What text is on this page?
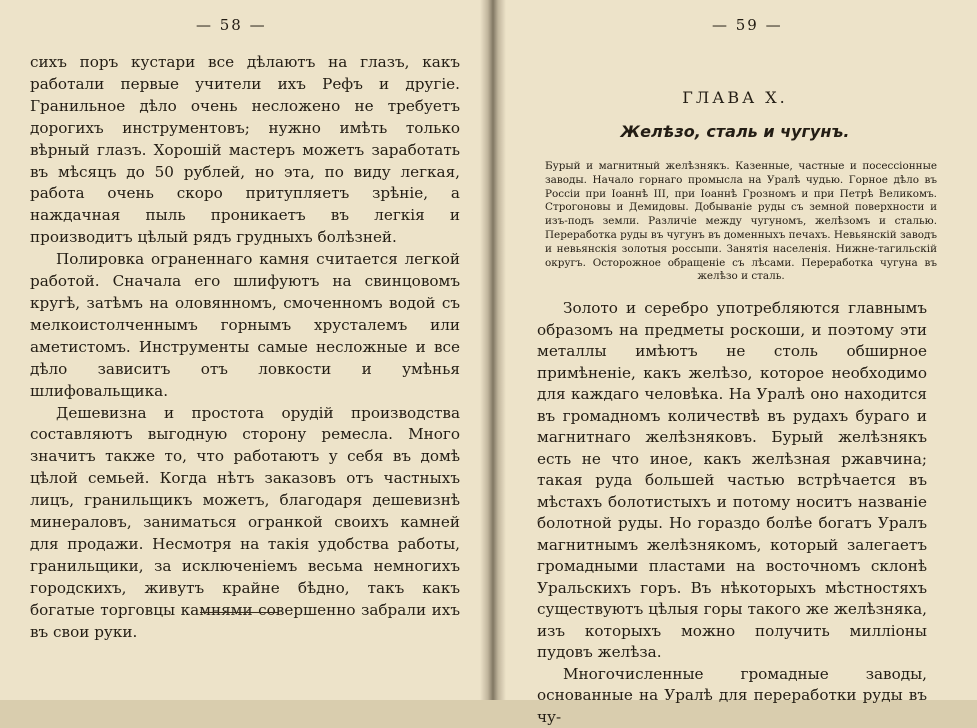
— 58 —

сихъ поръ кустари все дѣлаютъ на глазъ, какъ работали первые учители ихъ Рефъ и другіе. Гранильное дѣло очень несложено не требуетъ дорогихъ инструментовъ; нужно имѣть только вѣрный глазъ. Хорошій мастеръ можетъ заработать въ мѣсяцъ до 50 рублей, но эта, по виду легкая, работа очень скоро притупляетъ зрѣніе, а наждачная пыль проникаетъ въ легкія и производитъ цѣлый рядъ грудныхъ болѣзней.

Полировка ограненнаго камня считается легкой работой. Сначала его шлифуютъ на свинцовомъ кругѣ, затѣмъ на оловянномъ, смоченномъ водой съ мелкоистолченнымъ горнымъ хрусталемъ или аметистомъ. Инструменты самые несложные и все дѣло зависитъ отъ ловкости и умѣнья шлифовальщика.

Дешевизна и простота орудій производства составляютъ выгодную сторону ремесла. Много значитъ также то, что работаютъ у себя въ домѣ цѣлой семьей. Когда нѣтъ заказовъ отъ частныхъ лицъ, гранильщикъ можетъ, благодаря дешевизнѣ минераловъ, заниматься огранкой своихъ камней для продажи. Несмотря на такія удобства работы, гранильщики, за исключеніемъ весьма немногихъ городскихъ, живутъ крайне бѣдно, такъ какъ богатые торговцы камнями совершенно забрали ихъ въ свои руки.

— 59 —
ГЛАВА X.
Желѣзо, сталь и чугунъ.
Бурый и магнитный желѣзнякъ. Казенные, частные и посессіонные заводы. Начало горнаго промысла на Уралѣ чудью. Горное дѣло въ Россіи при Іоаннѣ III, при Іоаннѣ Грозномъ и при Петрѣ Великомъ. Строгоновы и Демидовы. Добываніе руды съ земной поверхности и изъ-подъ земли. Различіе между чугуномъ, желѣзомъ и сталью. Переработка руды въ чугунъ въ доменныхъ печахъ. Невьянскій заводъ и невьянскія золотыя россыпи. Занятія населенія. Нижне-тагильскій округъ. Осторожное обращеніе съ лѣсами. Переработка чугуна въ желѣзо и сталь.

Золото и серебро употребляются главнымъ образомъ на предметы роскоши, и поэтому эти металлы имѣютъ не столь обширное примѣненіе, какъ желѣзо, которое необходимо для каждаго человѣка. На Уралѣ оно находится въ громадномъ количествѣ въ рудахъ бураго и магнитнаго желѣзняковъ. Бурый желѣзнякъ есть не что иное, какъ желѣзная ржавчина; такая руда большей частью встрѣчается въ мѣстахъ болотистыхъ и потому носитъ названіе болотной руды. Но гораздо болѣе богатъ Уралъ магнитнымъ желѣзнякомъ, который залегаетъ громадными пластами на восточномъ склонѣ Уральскихъ горъ. Въ нѣкоторыхъ мѣстностяхъ существуютъ цѣлыя горы такого же желѣзняка, изъ которыхъ можно получить милліоны пудовъ желѣза.

Многочисленные громадные заводы, основанные на Уралѣ для переработки руды въ чу-
